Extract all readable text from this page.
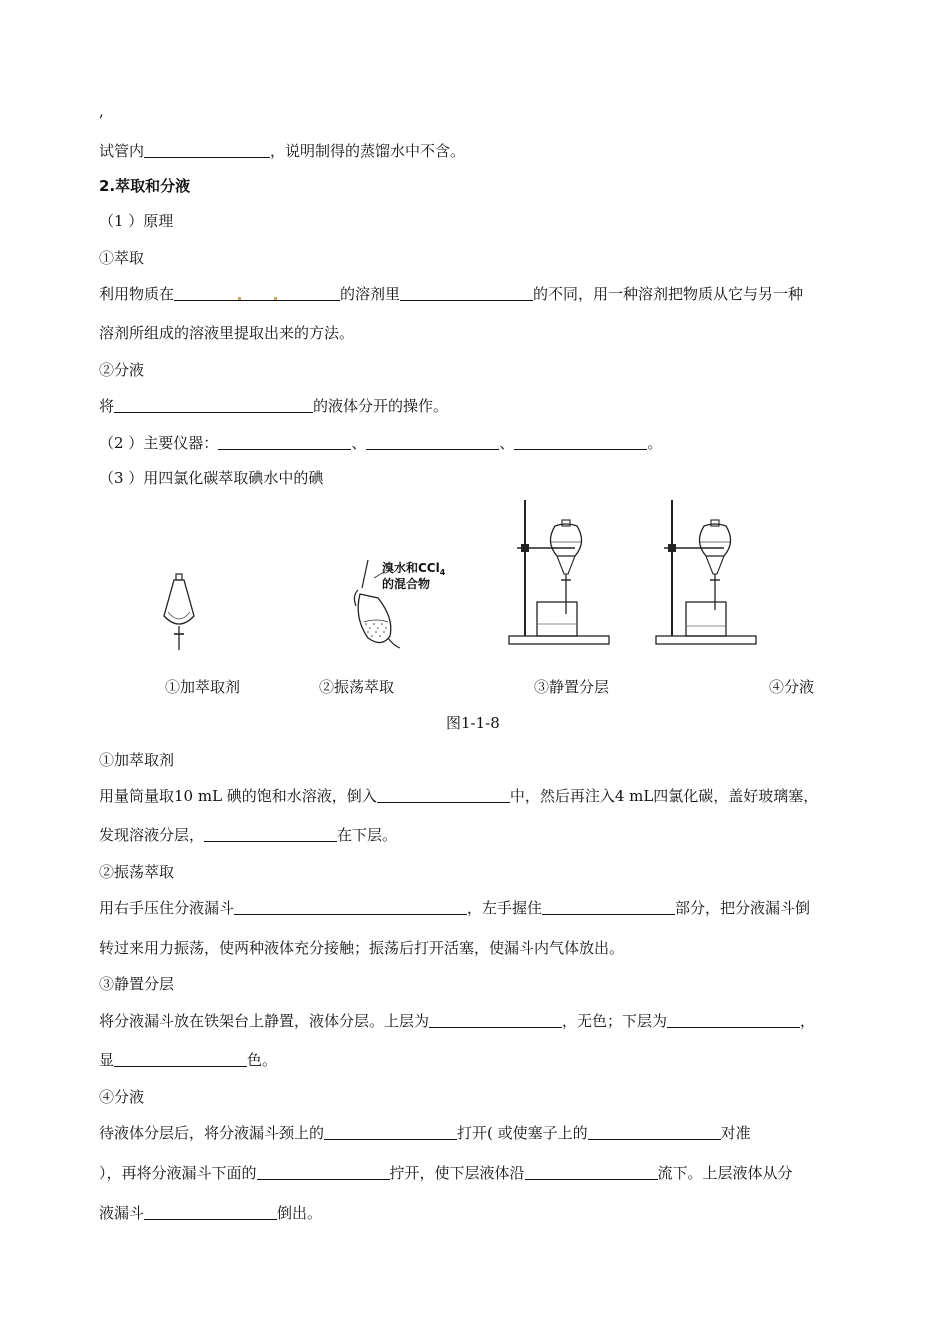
,
试管内	，说明制得的蒸馏水中不含。
2.萃取和分液
（1 ）原理
①萃取
利用物质在	的溶剂里	的不同，用一种溶剂把物质从它与另一种
溶剂所组成的溶液里提取出来的方法。
②分液
将	的液体分开的操作。
（2 ）主要仪器：	、	、	。
（3 ）用四氯化碳萃取碘水中的碘
溴水和CCl$_4$
的混合物
①加萃取剂	②振荡萃取	③静置分层	④分液
图1-1-8
①加萃取剂
用量筒量取10 mL 碘的饱和水溶液，倒入	中，然后再注入4 mL四氯化碳，盖好玻璃塞，
发现溶液分层，	在下层。
②振荡萃取
用右手压住分液漏斗	，左手握住	部分，把分液漏斗倒
转过来用力振荡，使两种液体充分接触；振荡后打开活塞，使漏斗内气体放出。
③静置分层
将分液漏斗放在铁架台上静置，液体分层。上层为	，无色；下层为	，
显	色。
④分液
待液体分层后，将分液漏斗颈上的	打开( 或使塞子上的	对准
），再将分液漏斗下面的	拧开，使下层液体沿	流下。上层液体从分
液漏斗	倒出。
